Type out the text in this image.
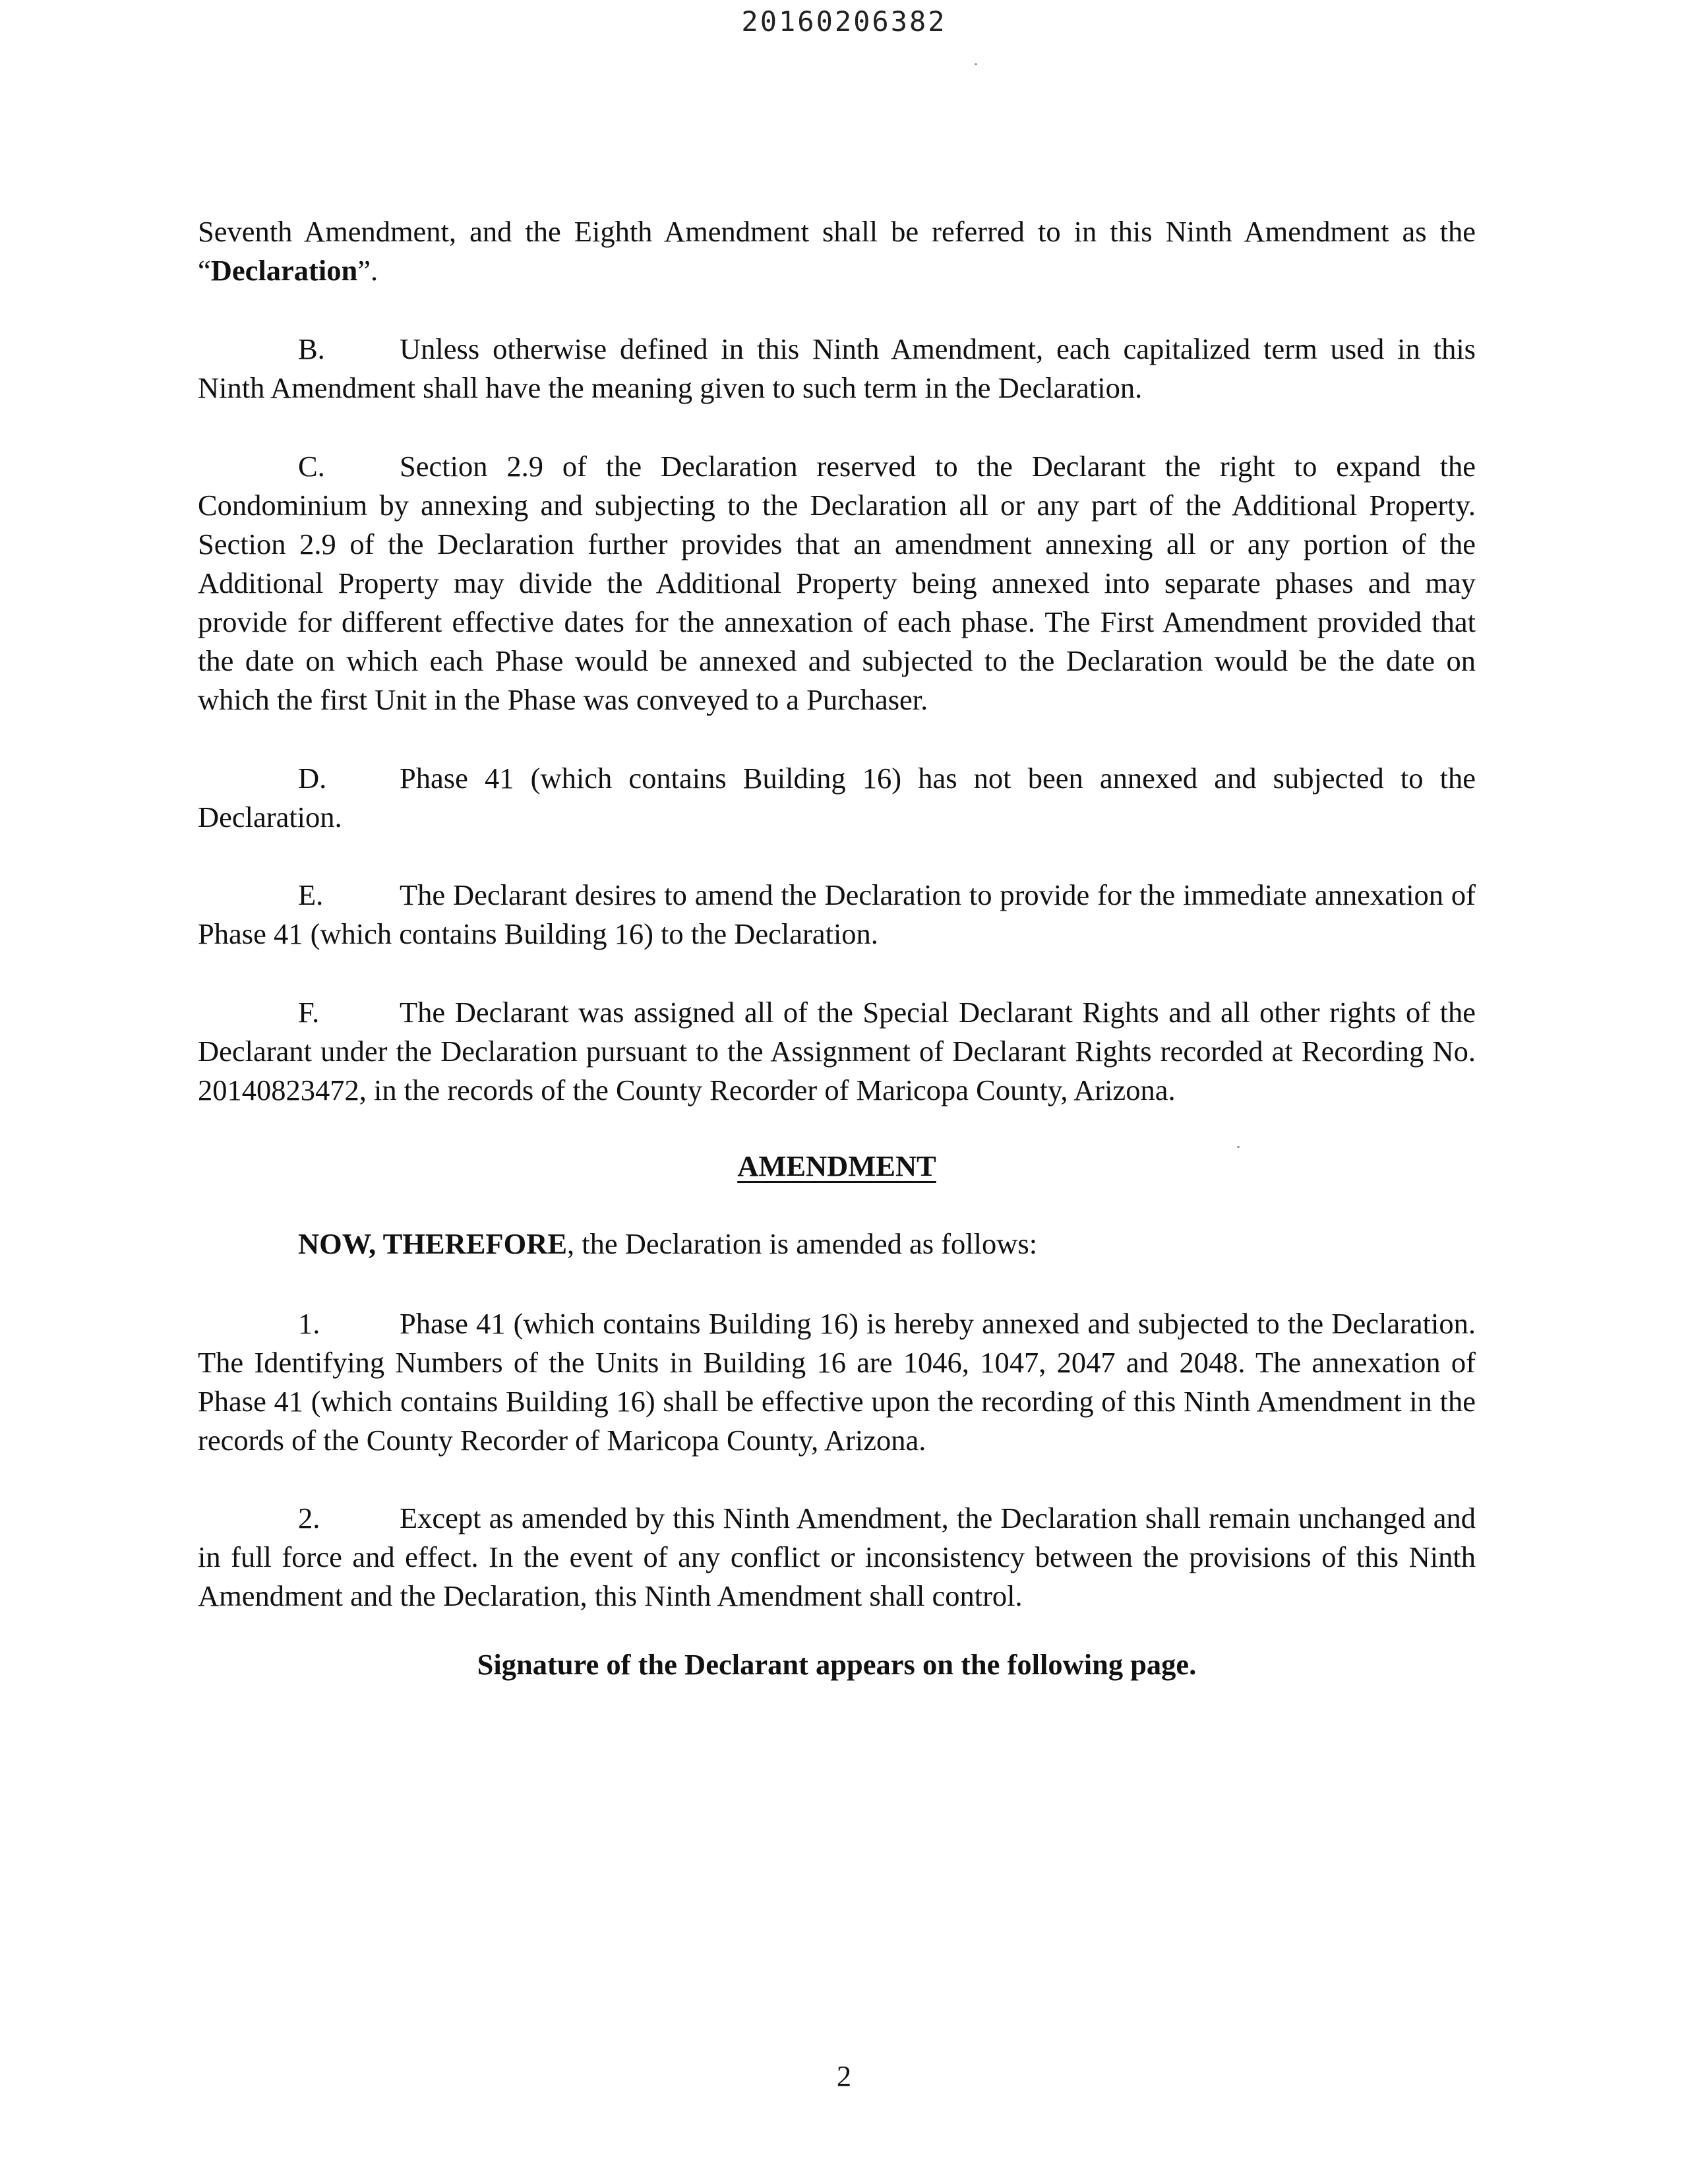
20160206382

Seventh Amendment, and the Eighth Amendment shall be referred to in this Ninth Amendment as the “Declaration”.

B.	Unless otherwise defined in this Ninth Amendment, each capitalized term used in this Ninth Amendment shall have the meaning given to such term in the Declaration.

C.	Section 2.9 of the Declaration reserved to the Declarant the right to expand the Condominium by annexing and subjecting to the Declaration all or any part of the Additional Property. Section 2.9 of the Declaration further provides that an amendment annexing all or any portion of the Additional Property may divide the Additional Property being annexed into separate phases and may provide for different effective dates for the annexation of each phase. The First Amendment provided that the date on which each Phase would be annexed and subjected to the Declaration would be the date on which the first Unit in the Phase was conveyed to a Purchaser.

D. Phase 41 (which contains Building 16) has not been annexed and subjected to the Declaration.

E.	The Declarant desires to amend the Declaration to provide for the immediate annexation of Phase 41 (which contains Building 16) to the Declaration.

F.	The Declarant was assigned all of the Special Declarant Rights and all other rights of the Declarant under the Declaration pursuant to the Assignment of Declarant Rights recorded at Recording No. 20140823472, in the records of the County Recorder of Maricopa County, Arizona.

AMENDMENT
NOW, THEREFORE, the Declaration is amended as follows:

1.	Phase 41 (which contains Building 16) is hereby annexed and subjected to the Declaration. The Identifying Numbers of the Units in Building 16 are 1046, 1047, 2047 and 2048. The annexation of Phase 41 (which contains Building 16) shall be effective upon the recording of this Ninth Amendment in the records of the County Recorder of Maricopa County, Arizona.

2.	Except as amended by this Ninth Amendment, the Declaration shall remain unchanged and in full force and effect. In the event of any conflict or inconsistency between the provisions of this Ninth Amendment and the Declaration, this Ninth Amendment shall control.

Signature of the Declarant appears on the following page.
2
